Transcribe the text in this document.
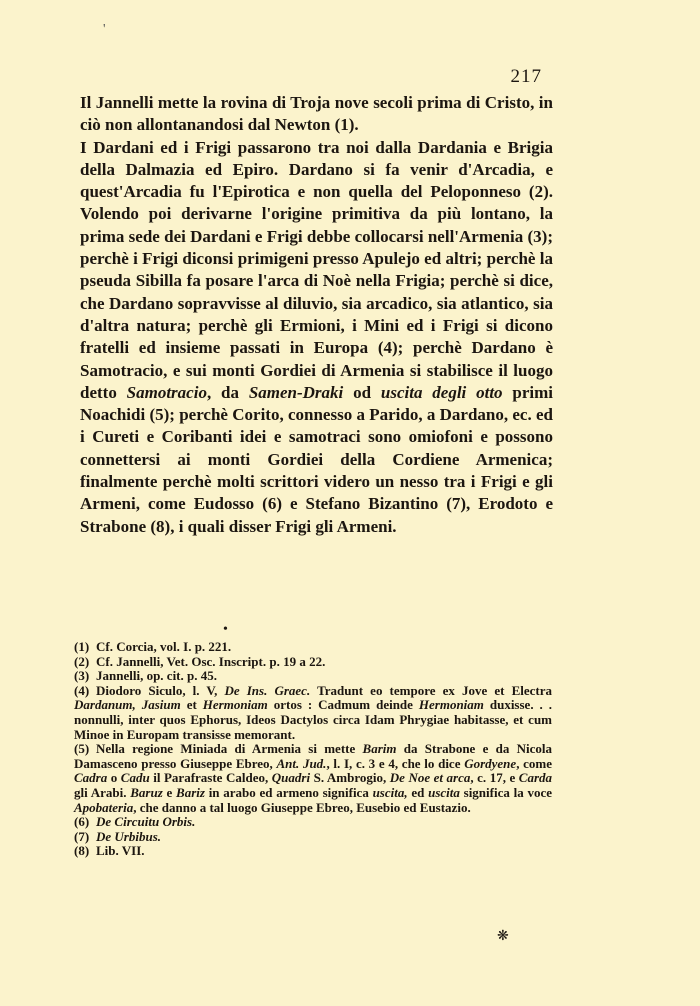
'
217

Il Jannelli mette la rovina di Troja nove secoli prima di Cristo, in ciò non allontanandosi dal Newton (1).

I Dardani ed i Frigi passarono tra noi dalla Dardania e Brigia della Dalmazia ed Epiro. Dardano si fa venir d'Arcadia, e quest'Arcadia fu l'Epirotica e non quella del Peloponneso (2). Volendo poi derivarne l'origine primitiva da più lontano, la prima sede dei Dardani e Frigi debbe collocarsi nell'Armenia (3); perchè i Frigi diconsi primigeni presso Apulejo ed altri; perchè la pseuda Sibilla fa posare l'arca di Noè nella Frigia; perchè si dice, che Dardano sopravvisse al diluvio, sia arcadico, sia atlantico, sia d'altra natura; perchè gli Ermioni, i Mini ed i Frigi si dicono fratelli ed insieme passati in Europa (4); perchè Dardano è Samotracio, e sui monti Gordiei di Armenia si stabilisce il luogo detto Samotracio, da Samen-Draki od uscita degli otto primi Noachidi (5); perchè Corito, connesso a Parido, a Dardano, ec. ed i Cureti e Coribanti idei e samotraci sono omiofoni e possono connettersi ai monti Gordiei della Cordiene Armenica; finalmente perchè molti scrittori videro un nesso tra i Frigi e gli Armeni, come Eudosso (6) e Stefano Bizantino (7), Erodoto e Strabone (8), i quali disser Frigi gli Armeni.

•

(1) Cf. Corcia, vol. I. p. 221.

(2) Cf. Jannelli, Vet. Osc. Inscript. p. 19 a 22.

(3) Jannelli, op. cit. p. 45.

(4) Diodoro Siculo, l. V, De Ins. Graec. Tradunt eo tempore ex Jove et Electra Dardanum, Jasium et Hermoniam ortos : Cadmum deinde Hermoniam duxisse. . . nonnulli, inter quos Ephorus, Ideos Dactylos circa Idam Phrygiae habitasse, et cum Minoe in Europam transisse memorant.

(5) Nella regione Miniada di Armenia si mette Barim da Strabone e da Nicola Damasceno presso Giuseppe Ebreo, Ant. Jud., l. I, c. 3 e 4, che lo dice Gordyene, come Cadra o Cadu il Parafraste Caldeo, Quadri S. Ambrogio, De Noe et arca, c. 17, e Carda gli Arabi. Baruz e Bariz in arabo ed armeno significa uscita, ed uscita significa la voce Apobateria, che danno a tal luogo Giuseppe Ebreo, Eusebio ed Eustazio.

(6) De Circuitu Orbis.

(7) De Urbibus.

(8) Lib. VII.

❋
